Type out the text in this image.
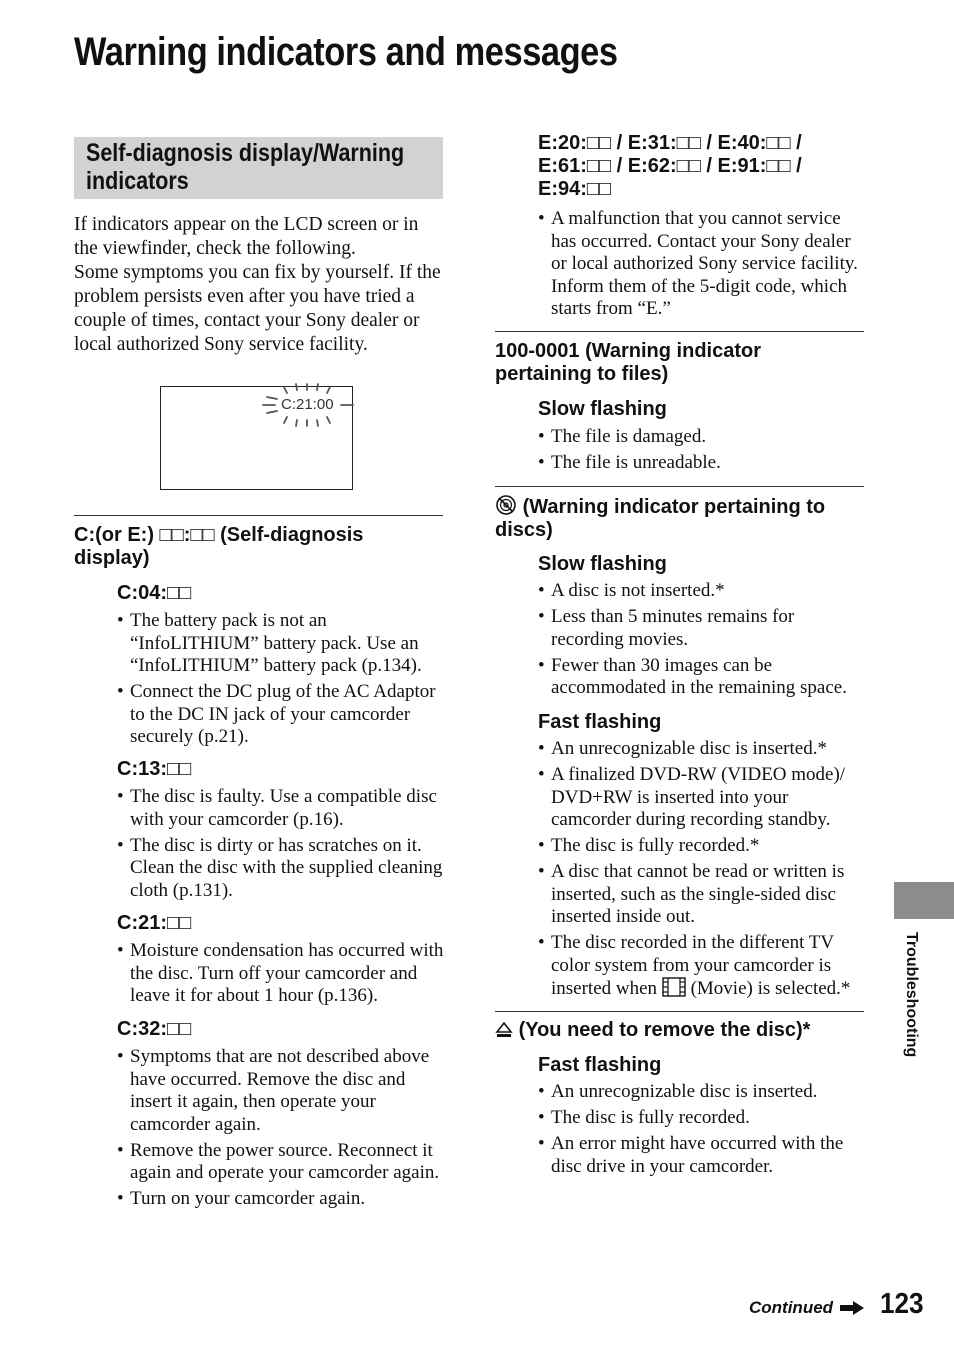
Warning indicators and messages
Self-diagnosis display/Warning indicators

If indicators appear on the LCD screen or in the viewfinder, check the following.

Some symptoms you can fix by yourself. If the problem persists even after you have tried a couple of times, contact your Sony dealer or local authorized Sony service facility.

C:21:00
C:(or E:) □□:□□ (Self-diagnosis
display)
C:04:□□
• The battery pack is not an “InfoLITHIUM” battery pack. Use an “InfoLITHIUM” battery pack (p.134).
• Connect the DC plug of the AC Adaptor to the DC IN jack of your camcorder securely (p.21).
C:13:□□
• The disc is faulty. Use a compatible disc with your camcorder (p.16).
• The disc is dirty or has scratches on it. Clean the disc with the supplied cleaning cloth (p.131).
C:21:□□
• Moisture condensation has occurred with the disc. Turn off your camcorder and leave it for about 1 hour (p.136).
C:32:□□
• Symptoms that are not described above have occurred. Remove the disc and insert it again, then operate your camcorder again.
• Remove the power source. Reconnect it again and operate your camcorder again.
• Turn on your camcorder again.
E:20:□□ / E:31:□□ / E:40:□□ /
E:61:□□ / E:62:□□ / E:91:□□ /
E:94:□□
• A malfunction that you cannot service has occurred. Contact your Sony dealer or local authorized Sony service facility. Inform them of the 5-digit code, which starts from “E.”
100-0001 (Warning indicator
pertaining to files)
Slow flashing
• The file is damaged.
• The file is unreadable.
(Warning indicator pertaining to
discs)
Slow flashing
• A disc is not inserted.*
• Less than 5 minutes remains for recording movies.
• Fewer than 30 images can be accommodated in the remaining space.
Fast flashing
• An unrecognizable disc is inserted.*
• A finalized DVD-RW (VIDEO mode)/ DVD+RW is inserted into your camcorder during recording standby.
• The disc is fully recorded.*
• A disc that cannot be read or written is inserted, such as the single-sided disc inserted inside out.
• The disc recorded in the different TV color system from your camcorder is inserted when (Movie) is selected.*
(You need to remove the disc)*
Fast flashing
• An unrecognizable disc is inserted.
• The disc is fully recorded.
• An error might have occurred with the disc drive in your camcorder.
Troubleshooting
Continued 123
